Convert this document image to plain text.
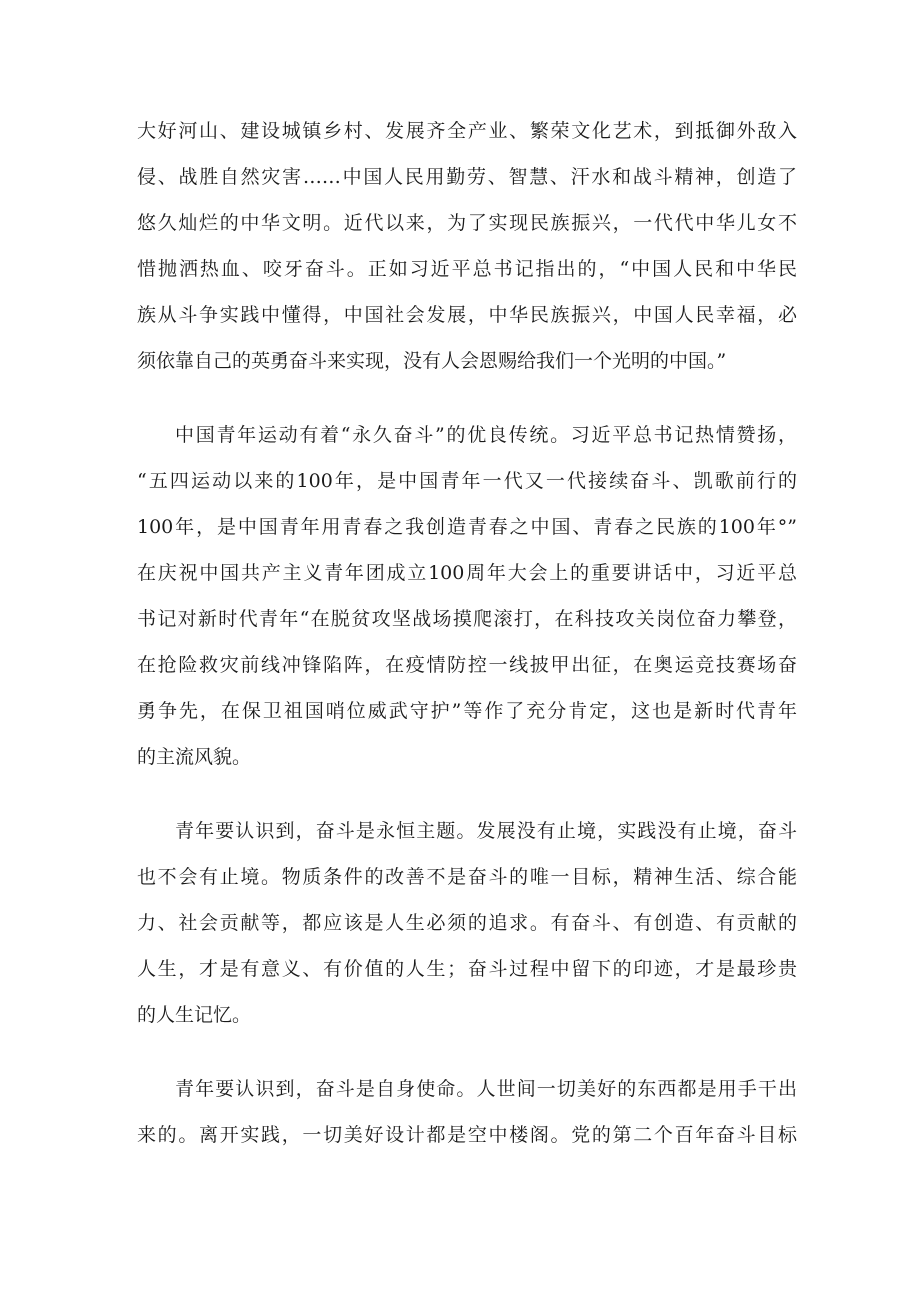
大好河山、建设城镇乡村、发展齐全产业、繁荣文化艺术，到抵御外敌入
侵、战胜自然灾害……中国人民用勤劳、智慧、汗水和战斗精神，创造了
悠久灿烂的中华文明。近代以来，为了实现民族振兴，一代代中华儿女不
惜抛洒热血、咬牙奋斗。正如习近平总书记指出的，“中国人民和中华民
族从斗争实践中懂得，中国社会发展，中华民族振兴，中国人民幸福，必
须依靠自己的英勇奋斗来实现，没有人会恩赐给我们一个光明的中国。”
中国青年运动有着“永久奋斗”的优良传统。习近平总书记热情赞扬，
“五四运动以来的100年，是中国青年一代又一代接续奋斗、凯歌前行的
100年，是中国青年用青春之我创造青春之中国、青春之民族的100年°”
在庆祝中国共产主义青年团成立100周年大会上的重要讲话中，习近平总
书记对新时代青年“在脱贫攻坚战场摸爬滚打，在科技攻关岗位奋力攀登，
在抢险救灾前线冲锋陷阵，在疫情防控一线披甲出征，在奥运竞技赛场奋
勇争先，在保卫祖国哨位威武守护”等作了充分肯定，这也是新时代青年
的主流风貌。
青年要认识到，奋斗是永恒主题。发展没有止境，实践没有止境，奋斗
也不会有止境。物质条件的改善不是奋斗的唯一目标，精神生活、综合能
力、社会贡献等，都应该是人生必须的追求。有奋斗、有创造、有贡献的
人生，才是有意义、有价值的人生；奋斗过程中留下的印迹，才是最珍贵
的人生记忆。
青年要认识到，奋斗是自身使命。人世间一切美好的东西都是用手干出
来的。离开实践，一切美好设计都是空中楼阁。党的第二个百年奋斗目标
